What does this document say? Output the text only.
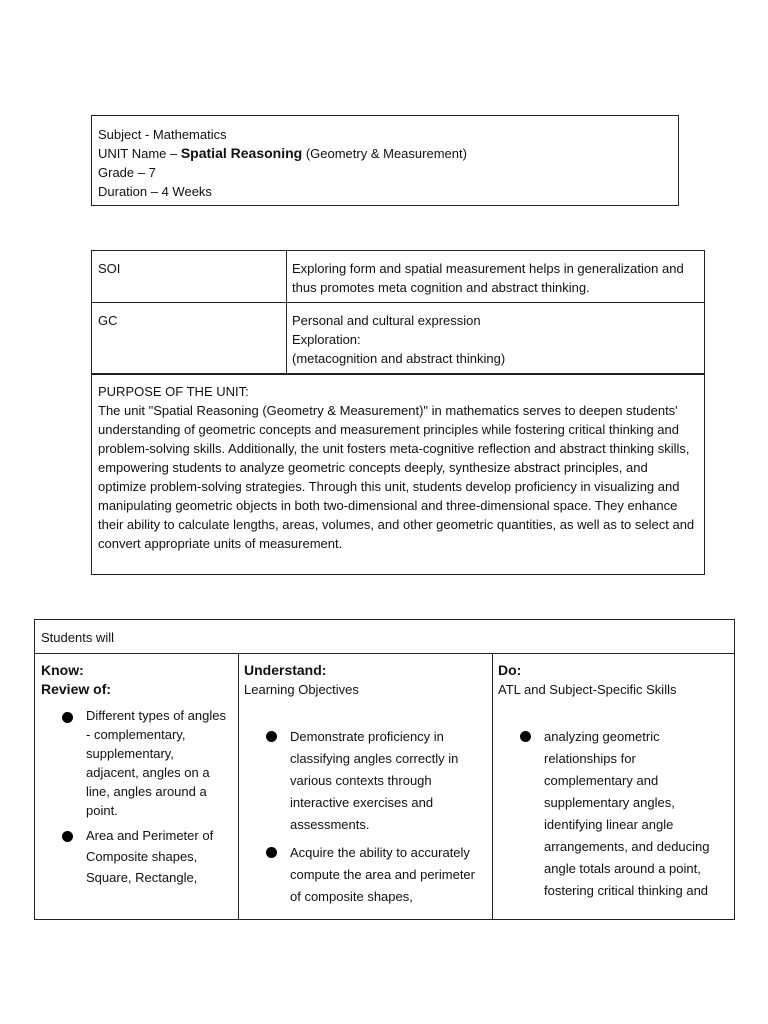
Subject - Mathematics
UNIT Name – Spatial Reasoning (Geometry & Measurement)
Grade – 7
Duration – 4 Weeks
SOI	Exploring form and spatial measurement helps in generalization and thus promotes meta cognition and abstract thinking.
GC	Personal and cultural expression
Exploration:
(metacognition and abstract thinking)
PURPOSE OF THE UNIT:
The unit "Spatial Reasoning (Geometry & Measurement)" in mathematics serves to deepen students' understanding of geometric concepts and measurement principles while fostering critical thinking and problem-solving skills. Additionally, the unit fosters meta-cognitive reflection and abstract thinking skills, empowering students to analyze geometric concepts deeply, synthesize abstract principles, and optimize problem-solving strategies. Through this unit, students develop proficiency in visualizing and manipulating geometric objects in both two-dimensional and three-dimensional space. They enhance their ability to calculate lengths, areas, volumes, and other geometric quantities, as well as to select and convert appropriate units of measurement.
Students will
Know:
Review of:
Different types of angles - complementary, supplementary, adjacent, angles on a line, angles around a point.
Area and Perimeter of Composite shapes, Square, Rectangle,
Understand:
Learning Objectives
Demonstrate proficiency in classifying angles correctly in various contexts through interactive exercises and assessments.
Acquire the ability to accurately compute the area and perimeter of composite shapes,
Do:
ATL and Subject-Specific Skills
analyzing geometric relationships for complementary and supplementary angles, identifying linear angle arrangements, and deducing angle totals around a point, fostering critical thinking and
